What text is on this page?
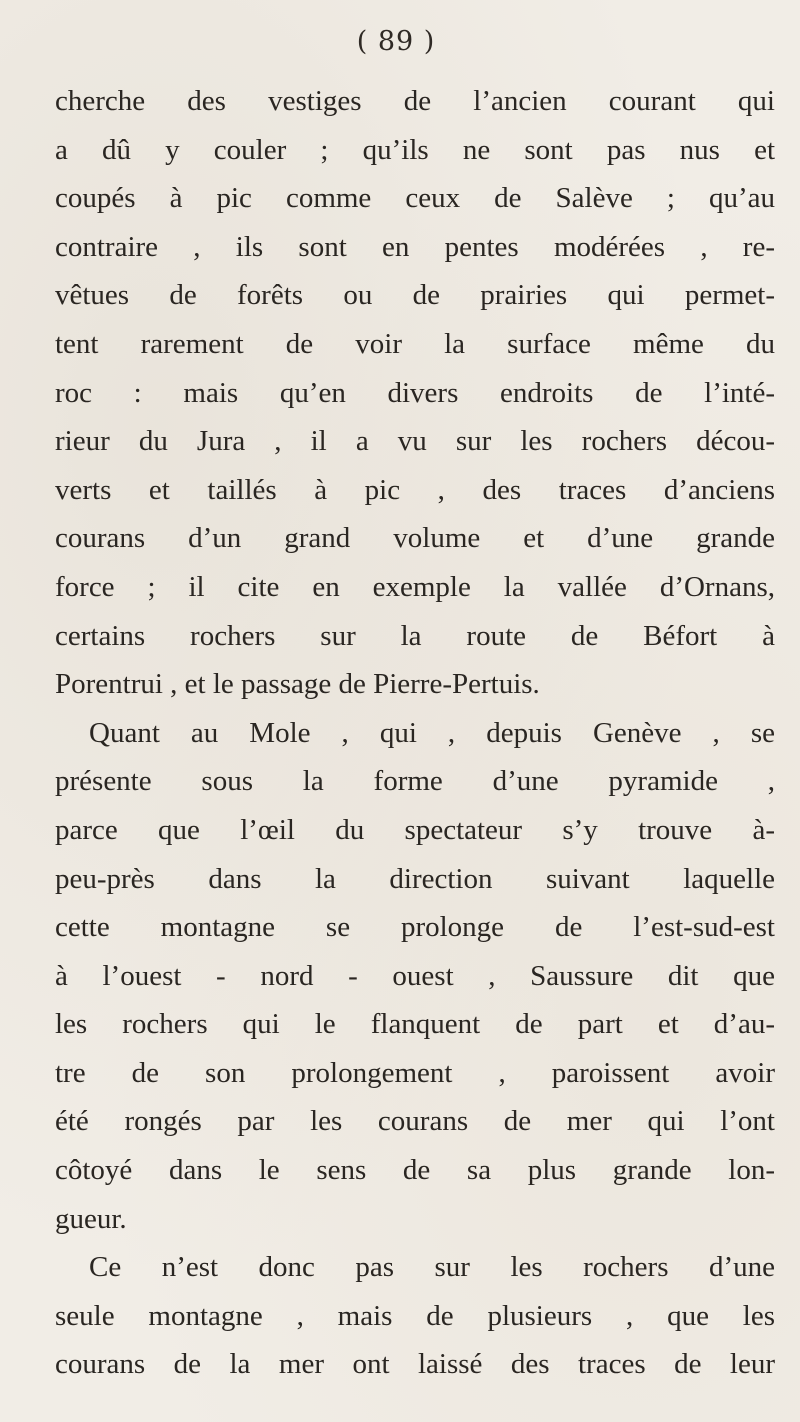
( 89 )
cherche des vestiges de l’ancien courant qui
a dû y couler ; qu’ils ne sont pas nus et
coupés à pic comme ceux de Salève ; qu’au
contraire , ils sont en pentes modérées , re-
vêtues de forêts ou de prairies qui permet-
tent rarement de voir la surface même du
roc : mais qu’en divers endroits de l’inté-
rieur du Jura , il a vu sur les rochers décou-
verts et taillés à pic , des traces d’anciens
courans d’un grand volume et d’une grande
force ; il cite en exemple la vallée d’Ornans,
certains rochers sur la route de Béfort à
Porentrui , et le passage de Pierre-Pertuis.
Quant au Mole , qui , depuis Genève , se
présente sous la forme d’une pyramide ,
parce que l’œil du spectateur s’y trouve à-
peu-près dans la direction suivant laquelle
cette montagne se prolonge de l’est-sud-est
à l’ouest - nord - ouest , Saussure dit que
les rochers qui le flanquent de part et d’au-
tre de son prolongement , paroissent avoir
été rongés par les courans de mer qui l’ont
côtoyé dans le sens de sa plus grande lon-
gueur.
Ce n’est donc pas sur les rochers d’une
seule montagne , mais de plusieurs , que les
courans de la mer ont laissé des traces de leur
